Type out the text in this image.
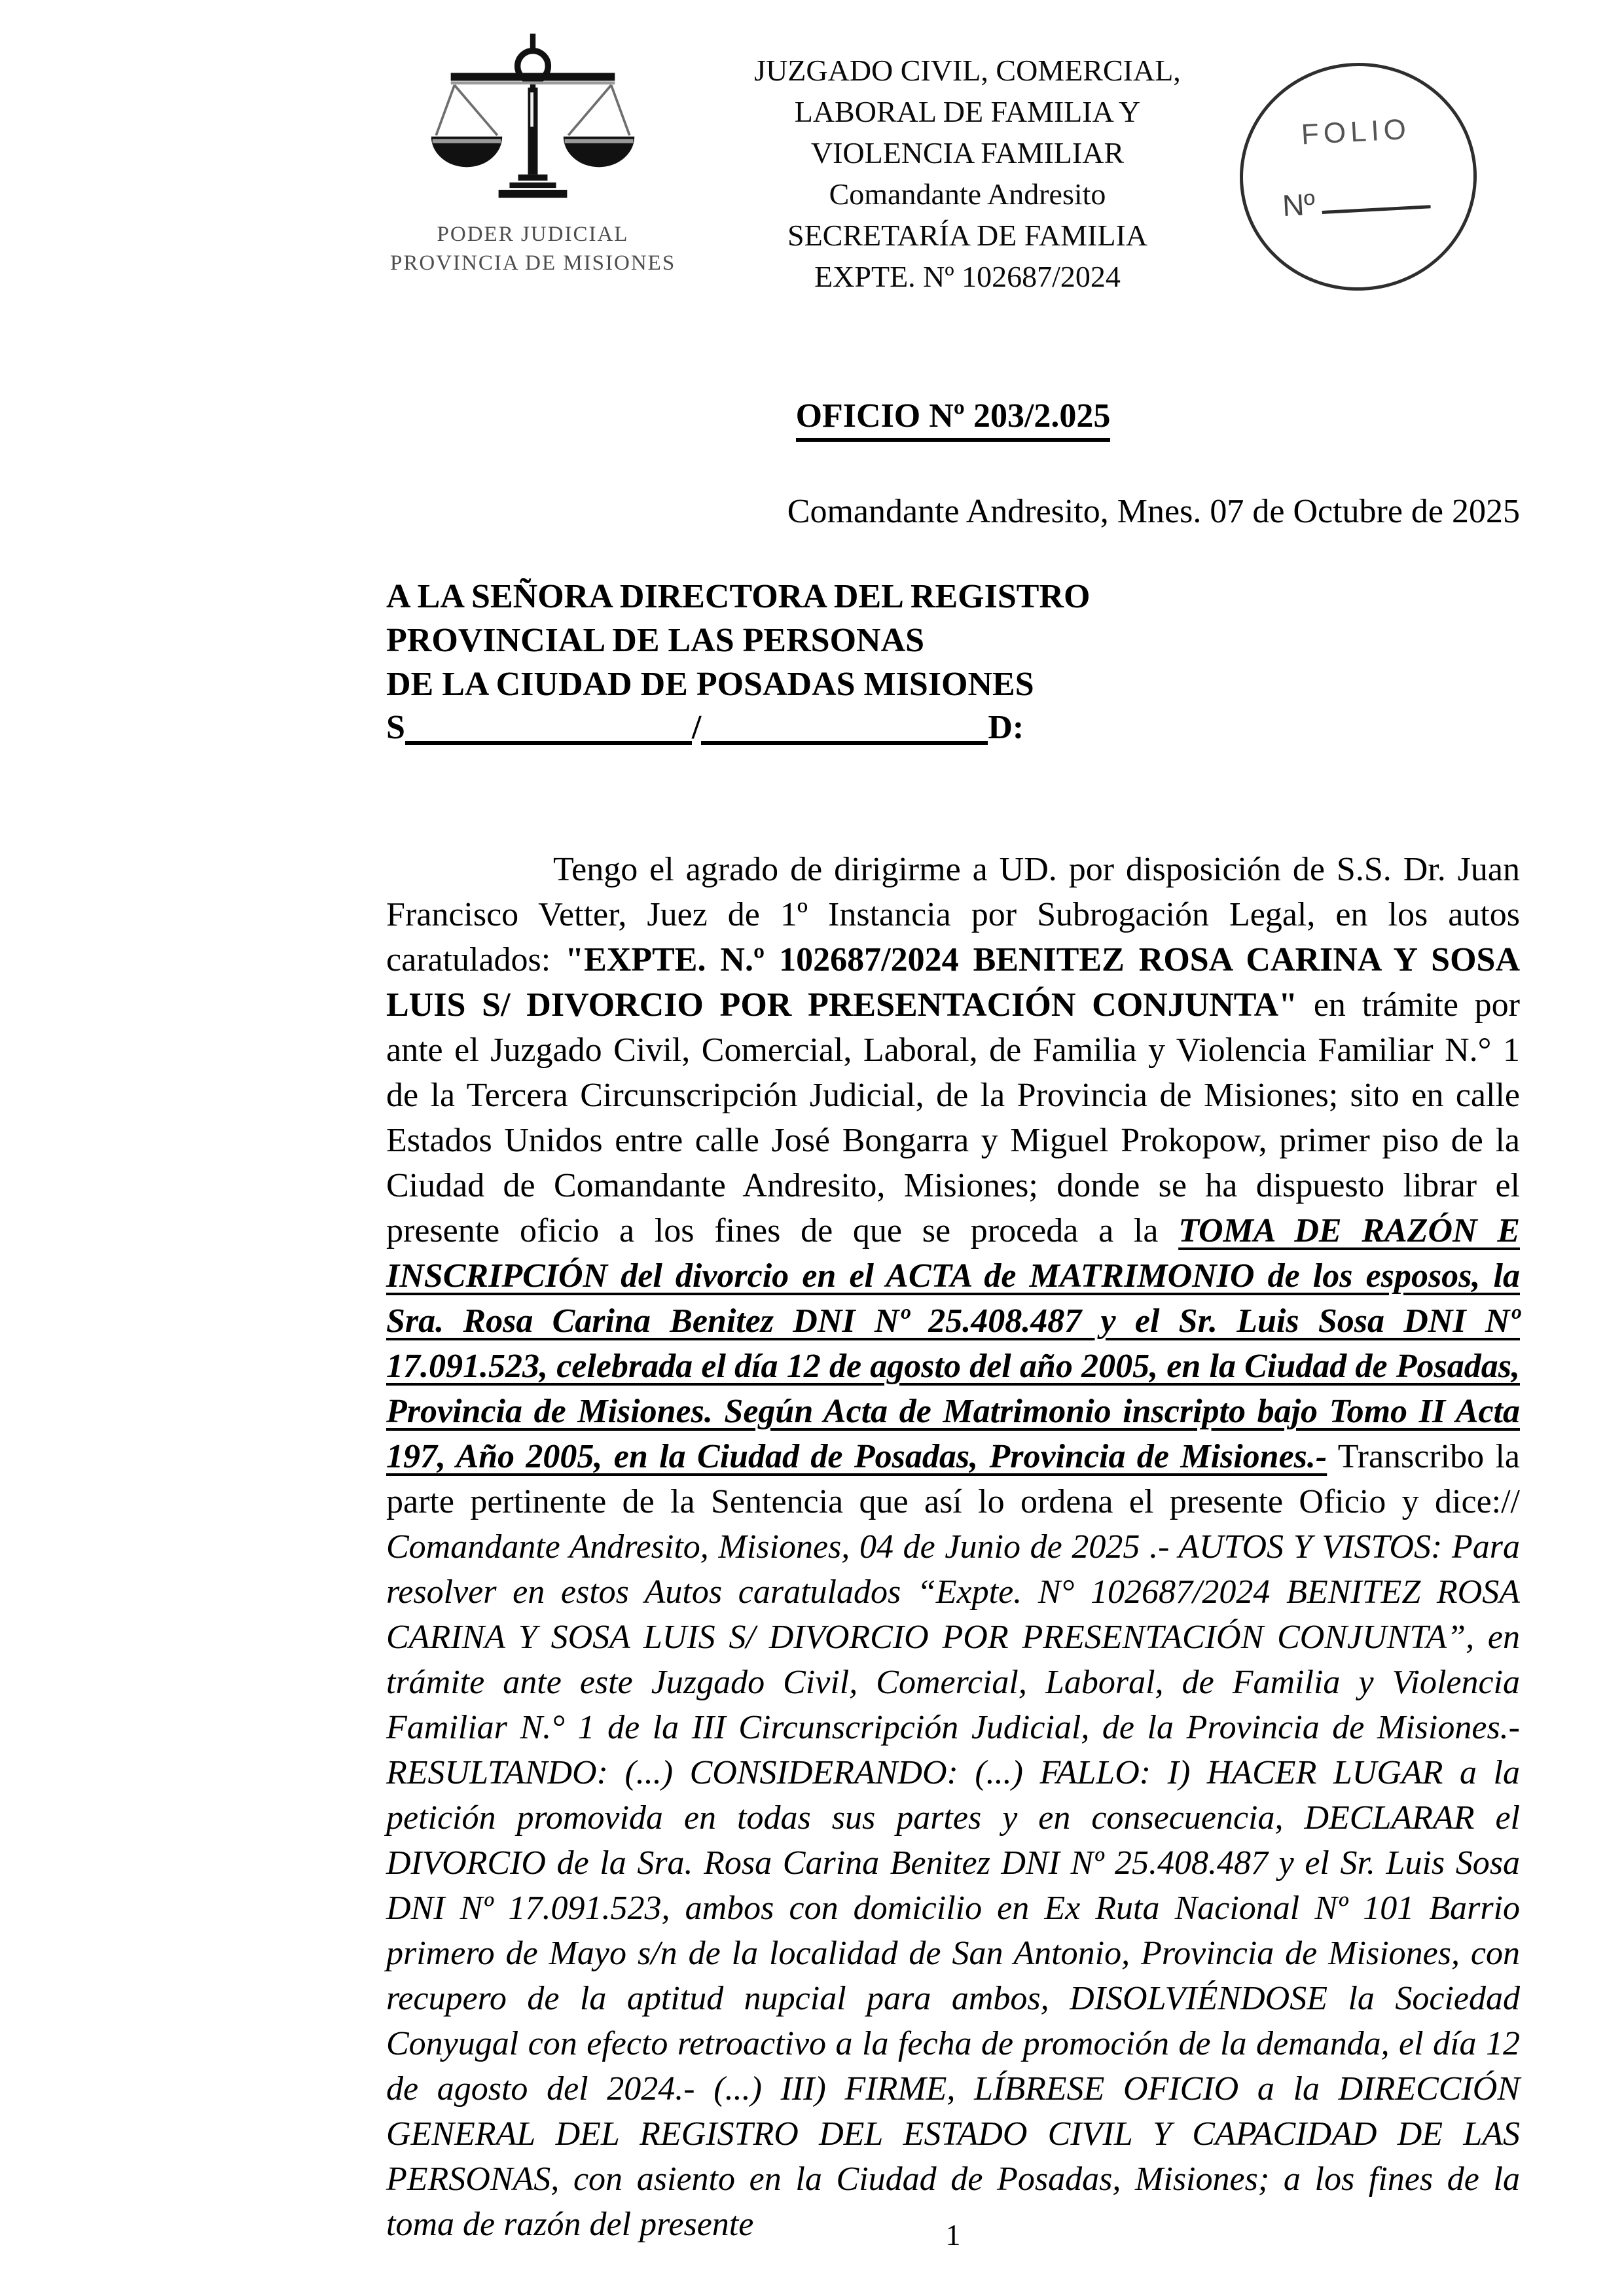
PODER JUDICIAL
PROVINCIA DE MISIONES
JUZGADO CIVIL, COMERCIAL,
LABORAL DE FAMILIA Y
VIOLENCIA FAMILIAR
Comandante Andresito
SECRETARÍA DE FAMILIA
EXPTE. Nº 102687/2024
FOLIO
Nº
OFICIO Nº 203/2.025
Comandante Andresito, Mnes. 07 de Octubre de 2025
A LA SEÑORA DIRECTORA DEL REGISTRO
PROVINCIAL DE LAS PERSONAS
DE LA CIUDAD DE POSADAS MISIONES
S	/	D:
Tengo el agrado de dirigirme a UD. por disposición de S.S. Dr. Juan Francisco Vetter, Juez de 1º Instancia por Subrogación Legal, en los autos caratulados: "EXPTE. N.º 102687/2024 BENITEZ ROSA CARINA Y SOSA LUIS S/ DIVORCIO POR PRESENTACIÓN CONJUNTA" en trámite por ante el Juzgado Civil, Comercial, Laboral, de Familia y Violencia Familiar N.° 1 de la Tercera Circunscripción Judicial, de la Provincia de Misiones; sito en calle Estados Unidos entre calle José Bongarra y Miguel Prokopow, primer piso de la Ciudad de Comandante Andresito, Misiones; donde se ha dispuesto librar el presente oficio a los fines de que se proceda a la TOMA DE RAZÓN E INSCRIPCIÓN del divorcio en el ACTA de MATRIMONIO de los esposos, la Sra. Rosa Carina Benitez DNI Nº 25.408.487 y el Sr. Luis Sosa DNI Nº 17.091.523, celebrada el día 12 de agosto del año 2005, en la Ciudad de Posadas, Provincia de Misiones. Según Acta de Matrimonio inscripto bajo Tomo II Acta 197, Año 2005, en la Ciudad de Posadas, Provincia de Misiones.- Transcribo la parte pertinente de la Sentencia que así lo ordena el presente Oficio y dice:// Comandante Andresito, Misiones, 04 de Junio de 2025 .- AUTOS Y VISTOS: Para resolver en estos Autos caratulados “Expte. N° 102687/2024 BENITEZ ROSA CARINA Y SOSA LUIS S/ DIVORCIO POR PRESENTACIÓN CONJUNTA”, en trámite ante este Juzgado Civil, Comercial, Laboral, de Familia y Violencia Familiar N.° 1 de la III Circunscripción Judicial, de la Provincia de Misiones.- RESULTANDO: (...) CONSIDERANDO: (...) FALLO: I) HACER LUGAR a la petición promovida en todas sus partes y en consecuencia, DECLARAR el DIVORCIO de la Sra. Rosa Carina Benitez DNI Nº 25.408.487 y el Sr. Luis Sosa DNI Nº 17.091.523, ambos con domicilio en Ex Ruta Nacional Nº 101 Barrio primero de Mayo s/n de la localidad de San Antonio, Provincia de Misiones, con recupero de la aptitud nupcial para ambos, DISOLVIÉNDOSE la Sociedad Conyugal con efecto retroactivo a la fecha de promoción de la demanda, el día 12 de agosto del 2024.- (...) III) FIRME, LÍBRESE OFICIO a la DIRECCIÓN GENERAL DEL REGISTRO DEL ESTADO CIVIL Y CAPACIDAD DE LAS PERSONAS, con asiento en la Ciudad de Posadas, Misiones; a los fines de la toma de razón del presente	1
